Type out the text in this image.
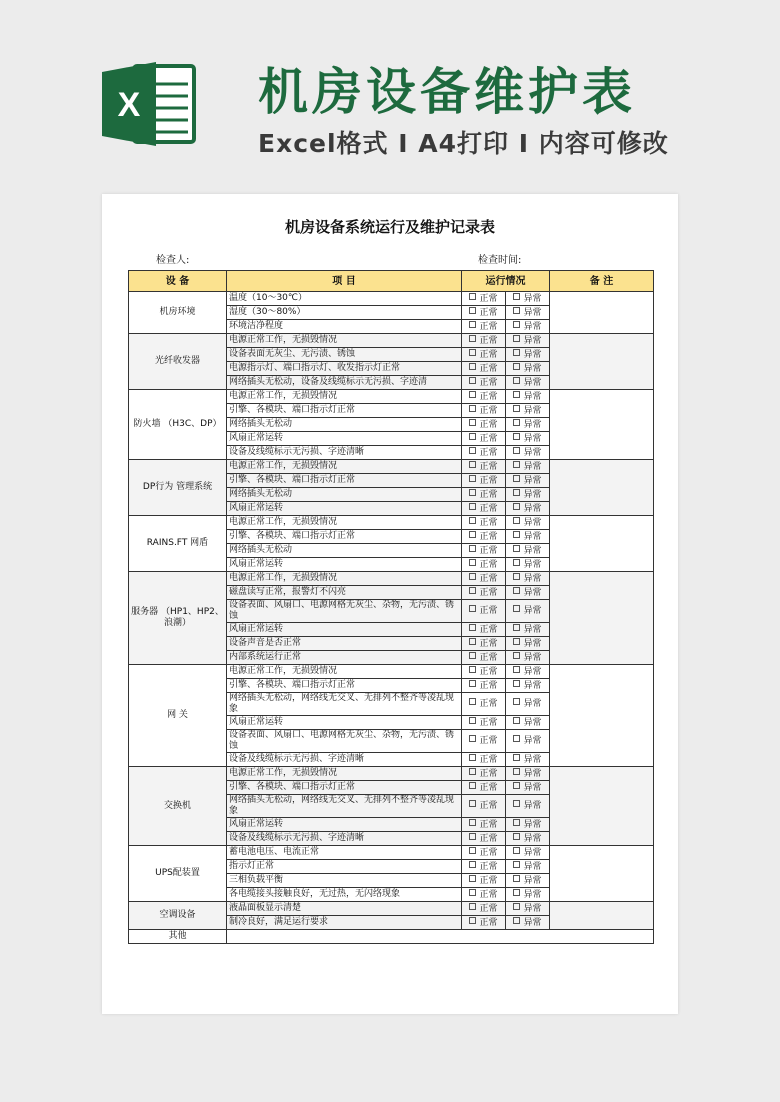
X 机房设备维护表
Excel格式 I A4打印 I 内容可修改
机房设备系统运行及维护记录表
检查人:	检查时间:
设 备	项 目	运行情况		备 注
机房环境	温度（10～30℃）	正常	异常	
	湿度（30～80%）	正常	异常	
	环境洁净程度	正常	异常	
光纤收发器	电源正常工作，无损毁情况	正常	异常	
	设备表面无灰尘、无污渍、锈蚀	正常	异常	
	电源指示灯、端口指示灯、收发指示灯正常	正常	异常	
	网络插头无松动，设备及线缆标示无污损、字迹清	正常	异常	
防火墙 （H3C、DP）	电源正常工作，无损毁情况	正常	异常	
	引擎、各模块、端口指示灯正常	正常	异常	
	网络插头无松动	正常	异常	
	风扇正常运转	正常	异常	
	设备及线缆标示无污损、字迹清晰	正常	异常	
DP行为 管理系统	电源正常工作，无损毁情况	正常	异常	
	引擎、各模块、端口指示灯正常	正常	异常	
	网络插头无松动	正常	异常	
	风扇正常运转	正常	异常	
RAINS.FT 网盾	电源正常工作，无损毁情况	正常	异常	
	引擎、各模块、端口指示灯正常	正常	异常	
	网络插头无松动	正常	异常	
	风扇正常运转	正常	异常	
服务器 （HP1、HP2、浪潮）	电源正常工作，无损毁情况	正常	异常	
	磁盘读写正常，报警灯不闪亮	正常	异常	
	设备表面、风扇口、电源网格无灰尘、杂物，无污渍、锈蚀	正常	异常	
	风扇正常运转	正常	异常	
	设备声音是否正常	正常	异常	
	内部系统运行正常	正常	异常	
网 关	电源正常工作，无损毁情况	正常	异常	
	引擎、各模块、端口指示灯正常	正常	异常	
	网络插头无松动，网络线无交叉、无排列不整齐等凌乱现象	正常	异常	
	风扇正常运转	正常	异常	
	设备表面、风扇口、电源网格无灰尘、杂物，无污渍、锈蚀	正常	异常	
	设备及线缆标示无污损、字迹清晰	正常	异常	
交换机	电源正常工作，无损毁情况	正常	异常	
	引擎、各模块、端口指示灯正常	正常	异常	
	网络插头无松动，网络线无交叉、无排列不整齐等凌乱现象	正常	异常	
	风扇正常运转	正常	异常	
	设备及线缆标示无污损、字迹清晰	正常	异常	
UPS配装置	蓄电池电压、电流正常	正常	异常	
	指示灯正常	正常	异常	
	三相负载平衡	正常	异常	
	各电缆接头接触良好，无过热，无闪络现象	正常	异常	
空调设备	液晶面板显示清楚	正常	异常	
	制冷良好，满足运行要求	正常	异常	
其他				
